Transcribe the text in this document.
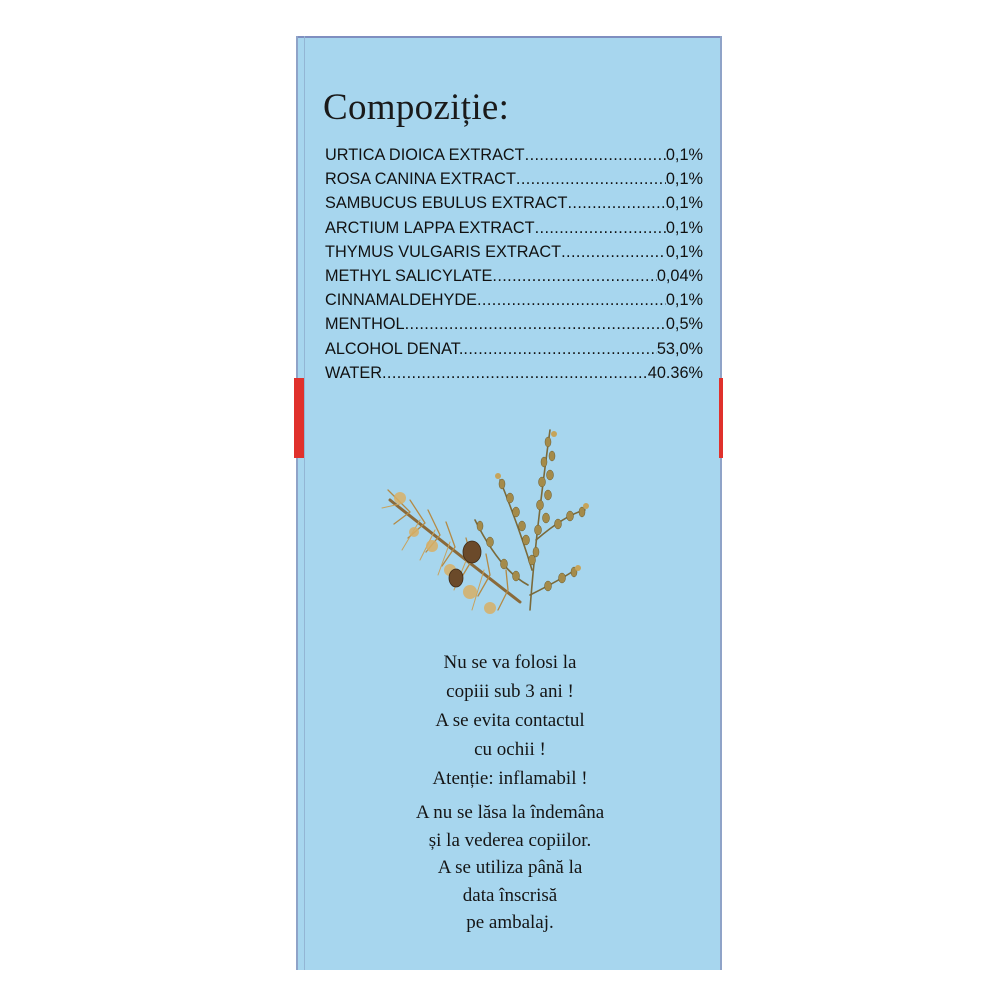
Compoziție:
URTICA DIOICA EXTRACT .....	0,1%
ROSA CANINA EXTRACT .....	0,1%
SAMBUCUS EBULUS EXTRACT .....	0,1%
ARCTIUM LAPPA EXTRACT .....	0,1%
THYMUS VULGARIS EXTRACT .....	0,1%
METHYL SALICYLATE .....	0,04%
CINNAMALDEHYDE .....	0,1%
MENTHOL .....	0,5%
ALCOHOL DENAT. .....	53,0%
WATER .....	40.36%

Nu se va folosi la
copiii sub 3 ani !
A se evita contactul
cu ochii !
Atenție: inflamabil !

A nu se lăsa la îndemâna
și la vederea copiilor.
A se utiliza până la
data înscrisă
pe ambalaj.
